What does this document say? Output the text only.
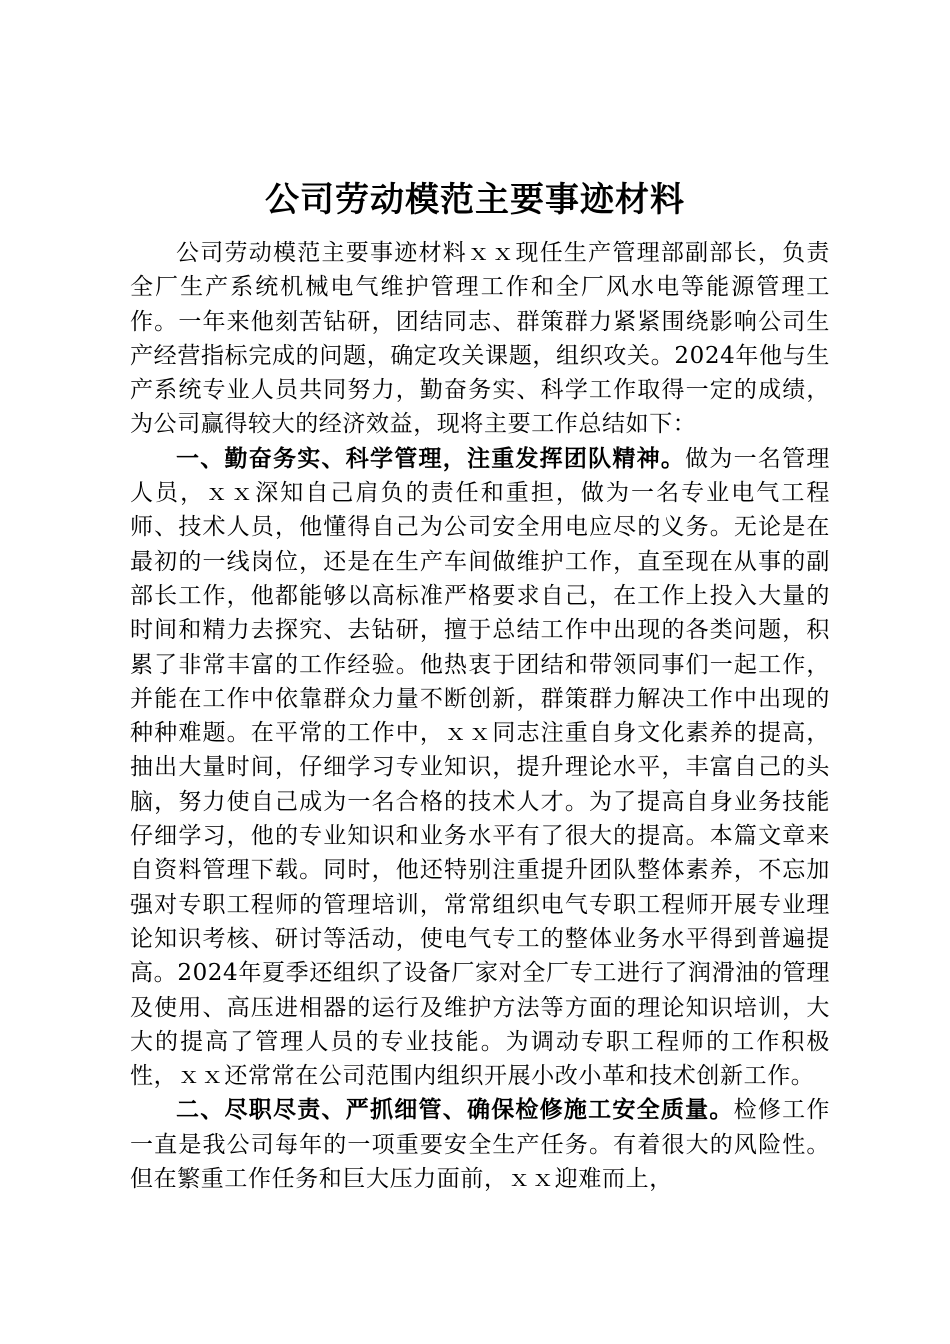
公司劳动模范主要事迹材料

公司劳动模范主要事迹材料ｘｘ现任生产管理部副部长，负责全厂生产系统机械电气维护管理工作和全厂风水电等能源管理工作。一年来他刻苦钻研，团结同志、群策群力紧紧围绕影响公司生产经营指标完成的问题，确定攻关课题，组织攻关。2024年他与生产系统专业人员共同努力，勤奋务实、科学工作取得一定的成绩，为公司赢得较大的经济效益，现将主要工作总结如下：

一、勤奋务实、科学管理，注重发挥团队精神。做为一名管理人员，ｘｘ深知自己肩负的责任和重担，做为一名专业电气工程师、技术人员，他懂得自己为公司安全用电应尽的义务。无论是在最初的一线岗位，还是在生产车间做维护工作，直至现在从事的副部长工作，他都能够以高标准严格要求自己，在工作上投入大量的时间和精力去探究、去钻研，擅于总结工作中出现的各类问题，积累了非常丰富的工作经验。他热衷于团结和带领同事们一起工作，并能在工作中依靠群众力量不断创新，群策群力解决工作中出现的种种难题。在平常的工作中，ｘｘ同志注重自身文化素养的提高，抽出大量时间，仔细学习专业知识，提升理论水平，丰富自己的头脑，努力使自己成为一名合格的技术人才。为了提高自身业务技能仔细学习，他的专业知识和业务水平有了很大的提高。本篇文章来自资料管理下载。同时，他还特别注重提升团队整体素养，不忘加强对专职工程师的管理培训，常常组织电气专职工程师开展专业理论知识考核、研讨等活动，使电气专工的整体业务水平得到普遍提高。2024年夏季还组织了设备厂家对全厂专工进行了润滑油的管理及使用、高压进相器的运行及维护方法等方面的理论知识培训，大大的提高了管理人员的专业技能。为调动专职工程师的工作积极性，ｘｘ还常常在公司范围内组织开展小改小革和技术创新工作。

二、尽职尽责、严抓细管、确保检修施工安全质量。检修工作一直是我公司每年的一项重要安全生产任务。有着很大的风险性。但在繁重工作任务和巨大压力面前，ｘｘ迎难而上，
